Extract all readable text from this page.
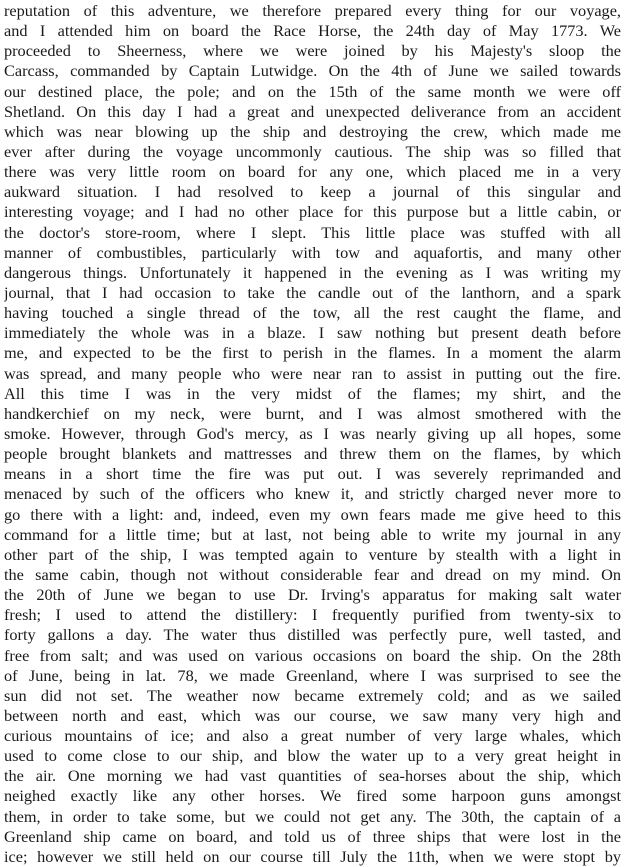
reputation of this adventure, we therefore prepared every thing for our voyage,
and I attended him on board the Race Horse, the 24th day of May 1773. We
proceeded to Sheerness, where we were joined by his Majesty's sloop the
Carcass, commanded by Captain Lutwidge. On the 4th of June we sailed towards
our destined place, the pole; and on the 15th of the same month we were off
Shetland. On this day I had a great and unexpected deliverance from an accident
which was near blowing up the ship and destroying the crew, which made me
ever after during the voyage uncommonly cautious. The ship was so filled that
there was very little room on board for any one, which placed me in a very
aukward situation. I had resolved to keep a journal of this singular and
interesting voyage; and I had no other place for this purpose but a little cabin, or
the doctor's store-room, where I slept. This little place was stuffed with all
manner of combustibles, particularly with tow and aquafortis, and many other
dangerous things. Unfortunately it happened in the evening as I was writing my
journal, that I had occasion to take the candle out of the lanthorn, and a spark
having touched a single thread of the tow, all the rest caught the flame, and
immediately the whole was in a blaze. I saw nothing but present death before
me, and expected to be the first to perish in the flames. In a moment the alarm
was spread, and many people who were near ran to assist in putting out the fire.
All this time I was in the very midst of the flames; my shirt, and the
handkerchief on my neck, were burnt, and I was almost smothered with the
smoke. However, through God's mercy, as I was nearly giving up all hopes, some
people brought blankets and mattresses and threw them on the flames, by which
means in a short time the fire was put out. I was severely reprimanded and
menaced by such of the officers who knew it, and strictly charged never more to
go there with a light: and, indeed, even my own fears made me give heed to this
command for a little time; but at last, not being able to write my journal in any
other part of the ship, I was tempted again to venture by stealth with a light in
the same cabin, though not without considerable fear and dread on my mind. On
the 20th of June we began to use Dr. Irving's apparatus for making salt water
fresh; I used to attend the distillery: I frequently purified from twenty-six to
forty gallons a day. The water thus distilled was perfectly pure, well tasted, and
free from salt; and was used on various occasions on board the ship. On the 28th
of June, being in lat. 78, we made Greenland, where I was surprised to see the
sun did not set. The weather now became extremely cold; and as we sailed
between north and east, which was our course, we saw many very high and
curious mountains of ice; and also a great number of very large whales, which
used to come close to our ship, and blow the water up to a very great height in
the air. One morning we had vast quantities of sea-horses about the ship, which
neighed exactly like any other horses. We fired some harpoon guns amongst
them, in order to take some, but we could not get any. The 30th, the captain of a
Greenland ship came on board, and told us of three ships that were lost in the
ice; however we still held on our course till July the 11th, when we were stopt by
